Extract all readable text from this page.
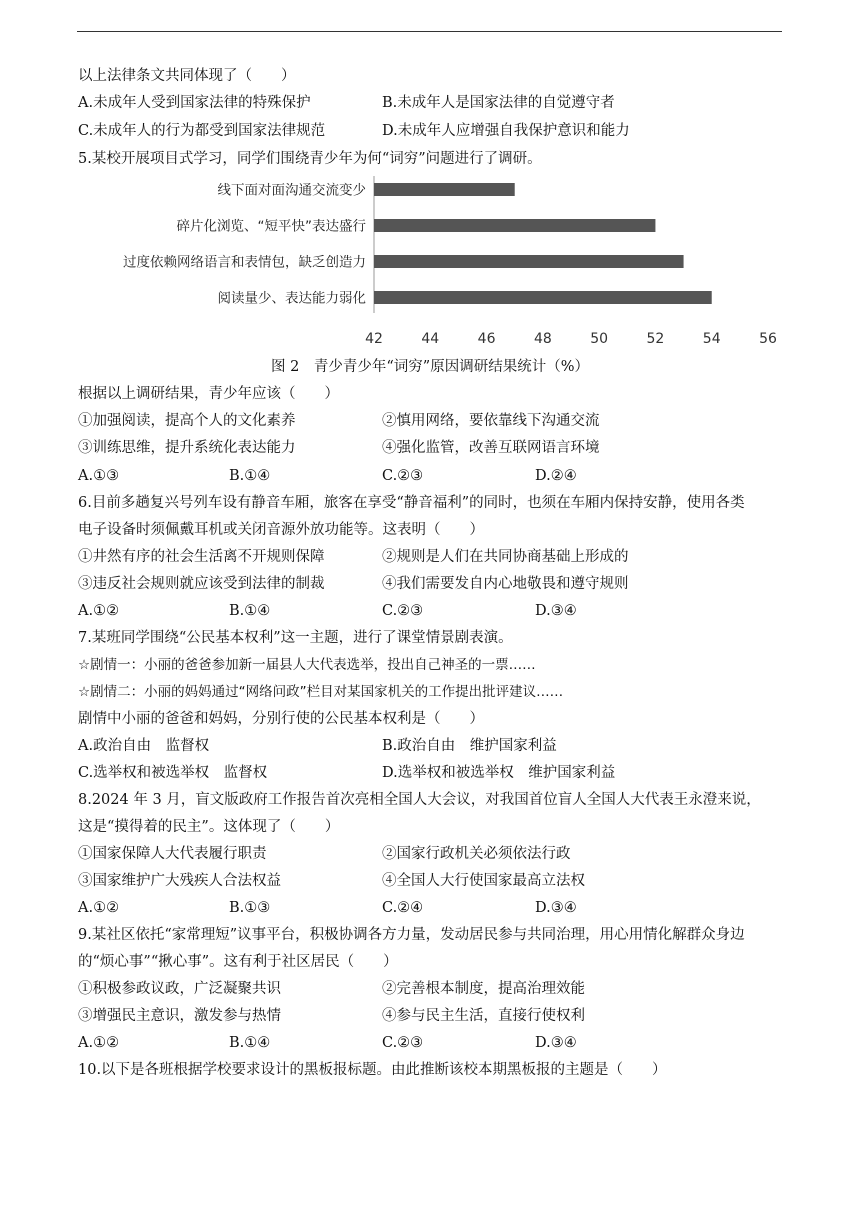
以上法律条文共同体现了（　　）
A.未成年人受到国家法律的特殊保护	B.未成年人是国家法律的自觉遵守者
C.未成年人的行为都受到国家法律规范	D.未成年人应增强自我保护意识和能力
5.某校开展项目式学习，同学们围绕青少年为何“词穷”问题进行了调研。
线下面对面沟通交流变少
碎片化浏览、“短平快”表达盛行
过度依赖网络语言和表情包，缺乏创造力
阅读量少、表达能力弱化
42	44	46	48	50	52	54	56
图 2　青少青少年“词穷”原因调研结果统计（%）
根据以上调研结果，青少年应该（　　）
①加强阅读，提高个人的文化素养	②慎用网络，要依靠线下沟通交流
③训练思维，提升系统化表达能力	④强化监管，改善互联网语言环境
A.①③	B.①④	C.②③	D.②④
6.目前多趟复兴号列车设有静音车厢，旅客在享受“静音福利”的同时，也须在车厢内保持安静，使用各类
电子设备时须佩戴耳机或关闭音源外放功能等。这表明（　　）
①井然有序的社会生活离不开规则保障	②规则是人们在共同协商基础上形成的
③违反社会规则就应该受到法律的制裁	④我们需要发自内心地敬畏和遵守规则
A.①②	B.①④	C.②③	D.③④
7.某班同学围绕“公民基本权利”这一主题，进行了课堂情景剧表演。
☆剧情一：小丽的爸爸参加新一届县人大代表选举，投出自己神圣的一票……
☆剧情二：小丽的妈妈通过“网络问政”栏目对某国家机关的工作提出批评建议……
剧情中小丽的爸爸和妈妈，分别行使的公民基本权利是（　　）
A.政治自由　监督权	B.政治自由　维护国家利益
C.选举权和被选举权　监督权	D.选举权和被选举权　维护国家利益
8.2024 年 3 月，盲文版政府工作报告首次亮相全国人大会议，对我国首位盲人全国人大代表王永澄来说，
这是“摸得着的民主”。这体现了（　　）
①国家保障人大代表履行职责	②国家行政机关必须依法行政
③国家维护广大残疾人合法权益	④全国人大行使国家最高立法权
A.①②	B.①③	C.②④	D.③④
9.某社区依托“家常理短”议事平台，积极协调各方力量，发动居民参与共同治理，用心用情化解群众身边
的“烦心事”“揪心事”。这有利于社区居民（　　）
①积极参政议政，广泛凝聚共识	②完善根本制度，提高治理效能
③增强民主意识，激发参与热情	④参与民主生活，直接行使权利
A.①②	B.①④	C.②③	D.③④
10.以下是各班根据学校要求设计的黑板报标题。由此推断该校本期黑板报的主题是（　　）
